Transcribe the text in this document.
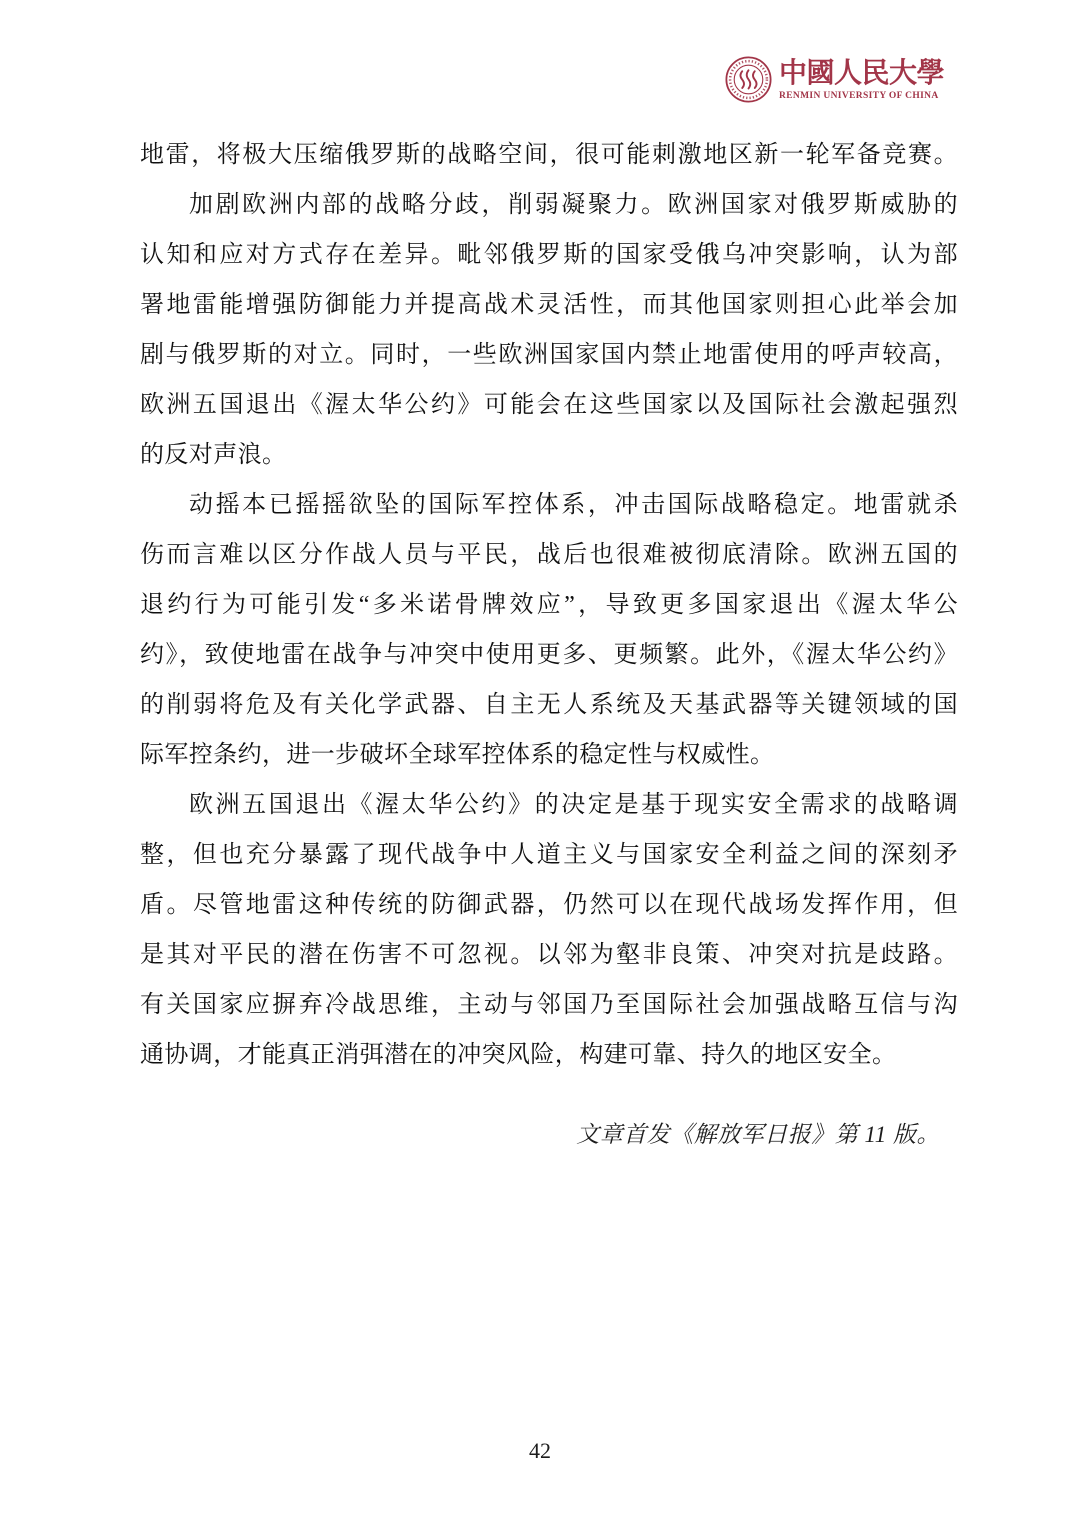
中國人民大學
RENMIN UNIVERSITY OF CHINA
地雷，将极大压缩俄罗斯的战略空间，很可能刺激地区新一轮军备竞赛。
加剧欧洲内部的战略分歧，削弱凝聚力。欧洲国家对俄罗斯威胁的
认知和应对方式存在差异。毗邻俄罗斯的国家受俄乌冲突影响，认为部
署地雷能增强防御能力并提高战术灵活性，而其他国家则担心此举会加
剧与俄罗斯的对立。同时，一些欧洲国家国内禁止地雷使用的呼声较高，
欧洲五国退出《渥太华公约》可能会在这些国家以及国际社会激起强烈
的反对声浪。
动摇本已摇摇欲坠的国际军控体系，冲击国际战略稳定。地雷就杀
伤而言难以区分作战人员与平民，战后也很难被彻底清除。欧洲五国的
退约行为可能引发“多米诺骨牌效应”，导致更多国家退出《渥太华公
约》，致使地雷在战争与冲突中使用更多、更频繁。此外，《渥太华公约》
的削弱将危及有关化学武器、自主无人系统及天基武器等关键领域的国
际军控条约，进一步破坏全球军控体系的稳定性与权威性。
欧洲五国退出《渥太华公约》的决定是基于现实安全需求的战略调
整，但也充分暴露了现代战争中人道主义与国家安全利益之间的深刻矛
盾。尽管地雷这种传统的防御武器，仍然可以在现代战场发挥作用，但
是其对平民的潜在伤害不可忽视。以邻为壑非良策、冲突对抗是歧路。
有关国家应摒弃冷战思维，主动与邻国乃至国际社会加强战略互信与沟
通协调，才能真正消弭潜在的冲突风险，构建可靠、持久的地区安全。
文章首发《解放军日报》第 11 版。
42
